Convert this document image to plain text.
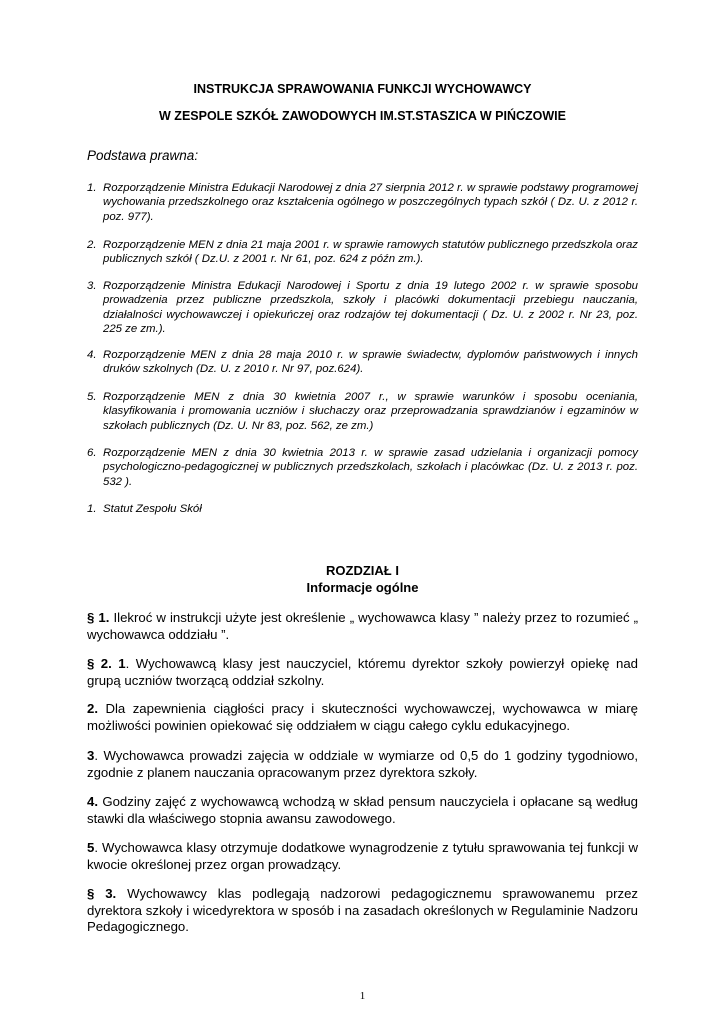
INSTRUKCJA SPRAWOWANIA FUNKCJI WYCHOWAWCY
W ZESPOLE SZKÓŁ ZAWODOWYCH IM.ST.STASZICA W PIŃCZOWIE
Podstawa prawna:
1. Rozporządzenie Ministra Edukacji Narodowej z dnia 27 sierpnia 2012 r. w sprawie podstawy programowej wychowania przedszkolnego oraz kształcenia ogólnego w poszczególnych typach szkół ( Dz. U. z 2012 r. poz. 977).
2. Rozporządzenie MEN z dnia 21 maja 2001 r. w sprawie ramowych statutów publicznego przedszkola oraz publicznych szkół ( Dz.U. z 2001 r. Nr 61, poz. 624 z późn zm.).
3. Rozporządzenie Ministra Edukacji Narodowej i Sportu z dnia 19 lutego 2002 r. w sprawie sposobu prowadzenia przez publiczne przedszkola, szkoły i placówki dokumentacji przebiegu nauczania, działalności wychowawczej i opiekuńczej oraz rodzajów tej dokumentacji ( Dz. U. z 2002 r. Nr 23, poz. 225 ze zm.).
4. Rozporządzenie MEN z dnia 28 maja 2010 r. w sprawie świadectw, dyplomów państwowych i innych druków szkolnych (Dz. U. z 2010 r. Nr 97, poz.624).
5. Rozporządzenie MEN z dnia 30 kwietnia 2007 r., w sprawie warunków i sposobu oceniania, klasyfikowania i promowania uczniów i słuchaczy oraz przeprowadzania sprawdzianów i egzaminów w szkołach publicznych (Dz. U. Nr 83, poz. 562, ze zm.)
6. Rozporządzenie MEN z dnia 30 kwietnia 2013 r. w sprawie zasad udzielania i organizacji pomocy psychologiczno-pedagogicznej w publicznych przedszkolach, szkołach i placówkac (Dz. U. z 2013 r. poz. 532 ).
1. Statut Zespołu Skół
ROZDZIAŁ I
Informacje ogólne
§ 1. Ilekroć w instrukcji użyte jest określenie „ wychowawca klasy ” należy przez to rozumieć „ wychowawca oddziału ”.
§ 2. 1. Wychowawcą klasy jest nauczyciel, któremu dyrektor szkoły powierzył opiekę nad grupą uczniów tworzącą oddział szkolny.
2. Dla zapewnienia ciągłości pracy i skuteczności wychowawczej, wychowawca w miarę możliwości powinien opiekować się oddziałem w ciągu całego cyklu edukacyjnego.
3. Wychowawca prowadzi zajęcia w oddziale w wymiarze od 0,5 do 1 godziny tygodniowo, zgodnie z planem nauczania opracowanym przez dyrektora szkoły.
4. Godziny zajęć z wychowawcą wchodzą w skład pensum nauczyciela i opłacane są według stawki dla właściwego stopnia awansu zawodowego.
5. Wychowawca klasy otrzymuje dodatkowe wynagrodzenie z tytułu sprawowania tej funkcji w kwocie określonej przez organ prowadzący.
§ 3. Wychowawcy klas podlegają nadzorowi pedagogicznemu sprawowanemu przez dyrektora szkoły i wicedyrektora w sposób i na zasadach określonych w Regulaminie Nadzoru Pedagogicznego.
1
